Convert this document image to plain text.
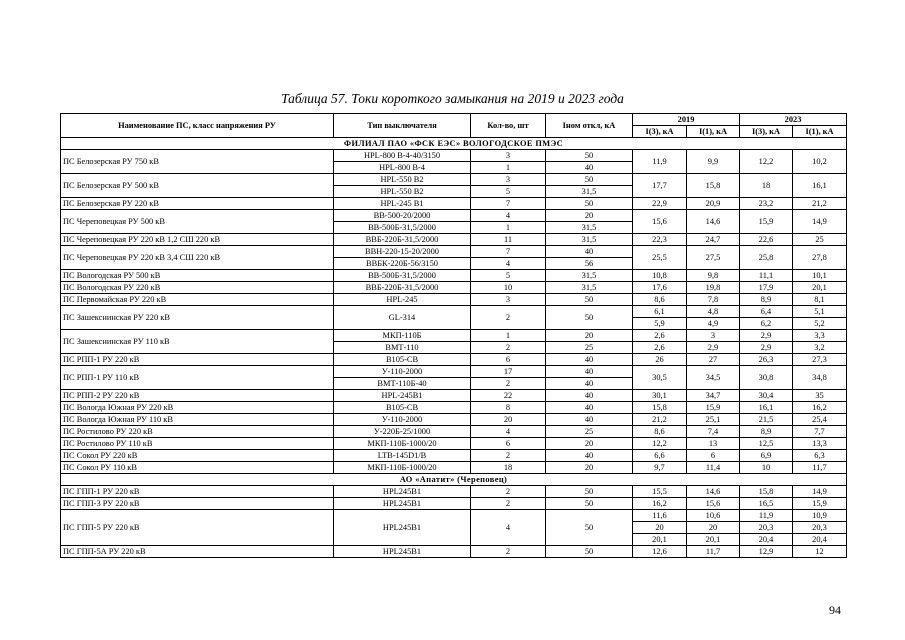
Таблица 57. Токи короткого замыкания на 2019 и 2023 года
Наименование ПС, класс напряжения РУ	Тип выключателя	Кол-во, шт	Iном откл, кА	2019		2023	
				I(3), кА	I(1), кА	I(3), кА	I(1), кА
ФИЛИАЛ ПАО «ФСК ЕЭС» ВОЛОГОДСКОЕ ПМЭС							
ПС Белозерская РУ 750 кВ	HPL-800 В-4-40/3150	3	50	11,9	9,9	12,2	10,2
	HPL-800 В-4	1	40				
ПС Белозерская РУ 500 кВ	HPL-550 В2	3	50	17,7	15,8	18	16,1
	HPL-550 В2	5	31,5				
ПС Белозерская РУ 220 кВ	HPL-245 В1	7	50	22,9	20,9	23,2	21,2
ПС Череповецкая РУ 500 кВ	ВВ-500-20/2000	4	20	15,6	14,6	15,9	14,9
	ВВ-500Б-31,5/2000	1	31,5				
ПС Череповецкая РУ 220 кВ 1,2 СШ 220 кВ	ВВБ-220Б-31,5/2000	11	31,5	22,3	24,7	22,6	25
ПС Череповецкая РУ 220 кВ 3,4 СШ 220 кВ	ВВН-220-15-20/2000	7	40	25,5	27,5	25,8	27,8
	ВВБК-220Б-56/3150	4	56				
ПС Вологодская РУ 500 кВ	ВВ-500Б-31,5/2000	5	31,5	10,8	9,8	11,1	10,1
ПС Вологодская РУ 220 кВ	ВВБ-220Б-31,5/2000	10	31,5	17,6	19,8	17,9	20,1
ПС Первомайская РУ 220 кВ	HPL-245	3	50	8,6	7,8	8,9	8,1
ПС Зашекснинская РУ 220 кВ	GL-314	2	50	6,1	4,8	6,4	5,1
				5,9	4,9	6,2	5,2
ПС Зашекснинская РУ 110 кВ	МКП-110Б	1	20	2,6	3	2,9	3,3

	ВМТ-110	2	25	2,6	2,9	2,9	3,2

ПС РПП-1 РУ 220 кВ	В105-СВ	6	40	26	27	26,3	27,3
ПС РПП-1 РУ 110 кВ	У-110-2000	17	40	30,5	34,5	30,8	34,8
	ВМТ-110Б-40	2	40				
ПС РПП-2 РУ 220 кВ	HPL-245В1	22	40	30,1	34,7	30,4	35
ПС Вологда Южная РУ 220 кВ	В105-СВ	8	40	15,8	15,9	16,1	16,2
ПС Вологда Южная РУ 110 кВ	У-110-2000	20	40	21,2	25,1	21,5	25,4
ПС Ростилово РУ 220 кВ	У-220Б-25/1000	4	25	8,6	7,4	8,9	7,7
ПС Ростилово РУ 110 кВ	МКП-110Б-1000/20	6	20	12,2	13	12,5	13,3
ПС Сокол РУ 220 кВ	LTB-145D1/B	2	40	6,6	6	6,9	6,3
ПС Сокол РУ 110 кВ	МКП-110Б-1000/20	18	20	9,7	11,4	10	11,7
АО «Апатит» (Череповец)							
ПС ГПП-1 РУ 220 кВ	HPL245B1	2	50	15,5	14,6	15,8	14,9
ПС ГПП-3 РУ 220 кВ	HPL245B1	2	50	16,2	15,6	16,5	15,9
ПС ГПП-5 РУ 220 кВ	HPL245B1	4	50	11,6	10,6	11,9	10,9
				20	20	20,3	20,3
				20,1	20,1	20,4	20,4
ПС ГПП-5А РУ 220 кВ	HPL245B1	2	50	12,6	11,7	12,9	12
94
